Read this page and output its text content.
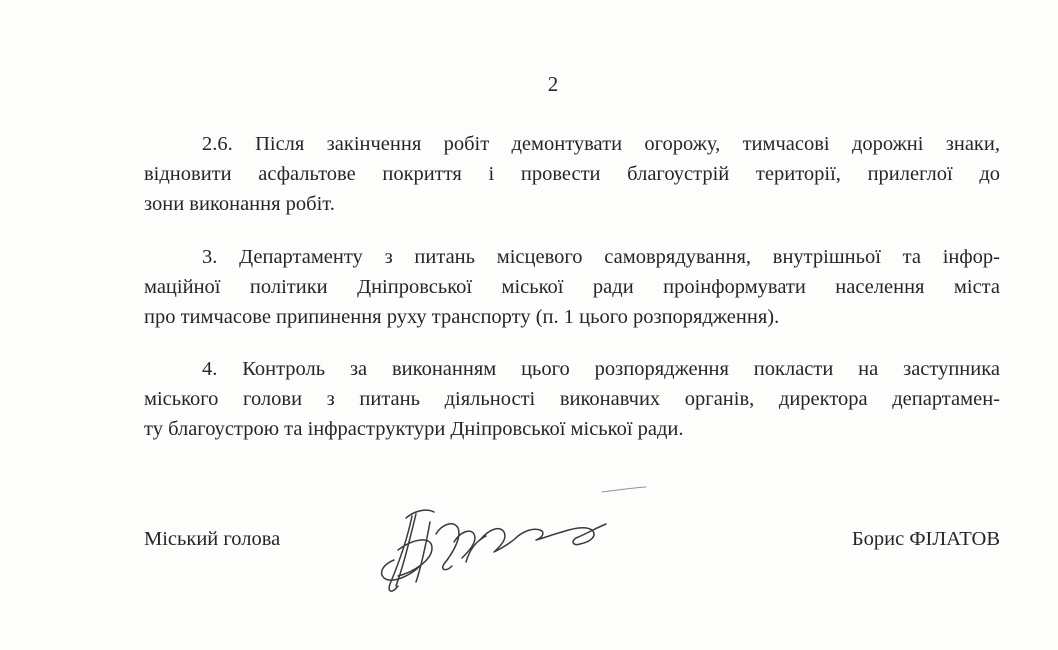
2
2.6. Після закінчення робіт демонтувати огорожу, тимчасові дорожні знаки,
відновити асфальтове покриття і провести благоустрій території, прилеглої до
зони виконання робіт.
3. Департаменту з питань місцевого самоврядування, внутрішньої та інфор-
маційної політики Дніпровської міської ради проінформувати населення міста
про тимчасове припинення руху транспорту (п. 1 цього розпорядження).
4. Контроль за виконанням цього розпорядження покласти на заступника
міського голови з питань діяльності виконавчих органів, директора департамен-
ту благоустрою та інфраструктури Дніпровської міської ради.
Міський голова	Борис ФІЛАТОВ
